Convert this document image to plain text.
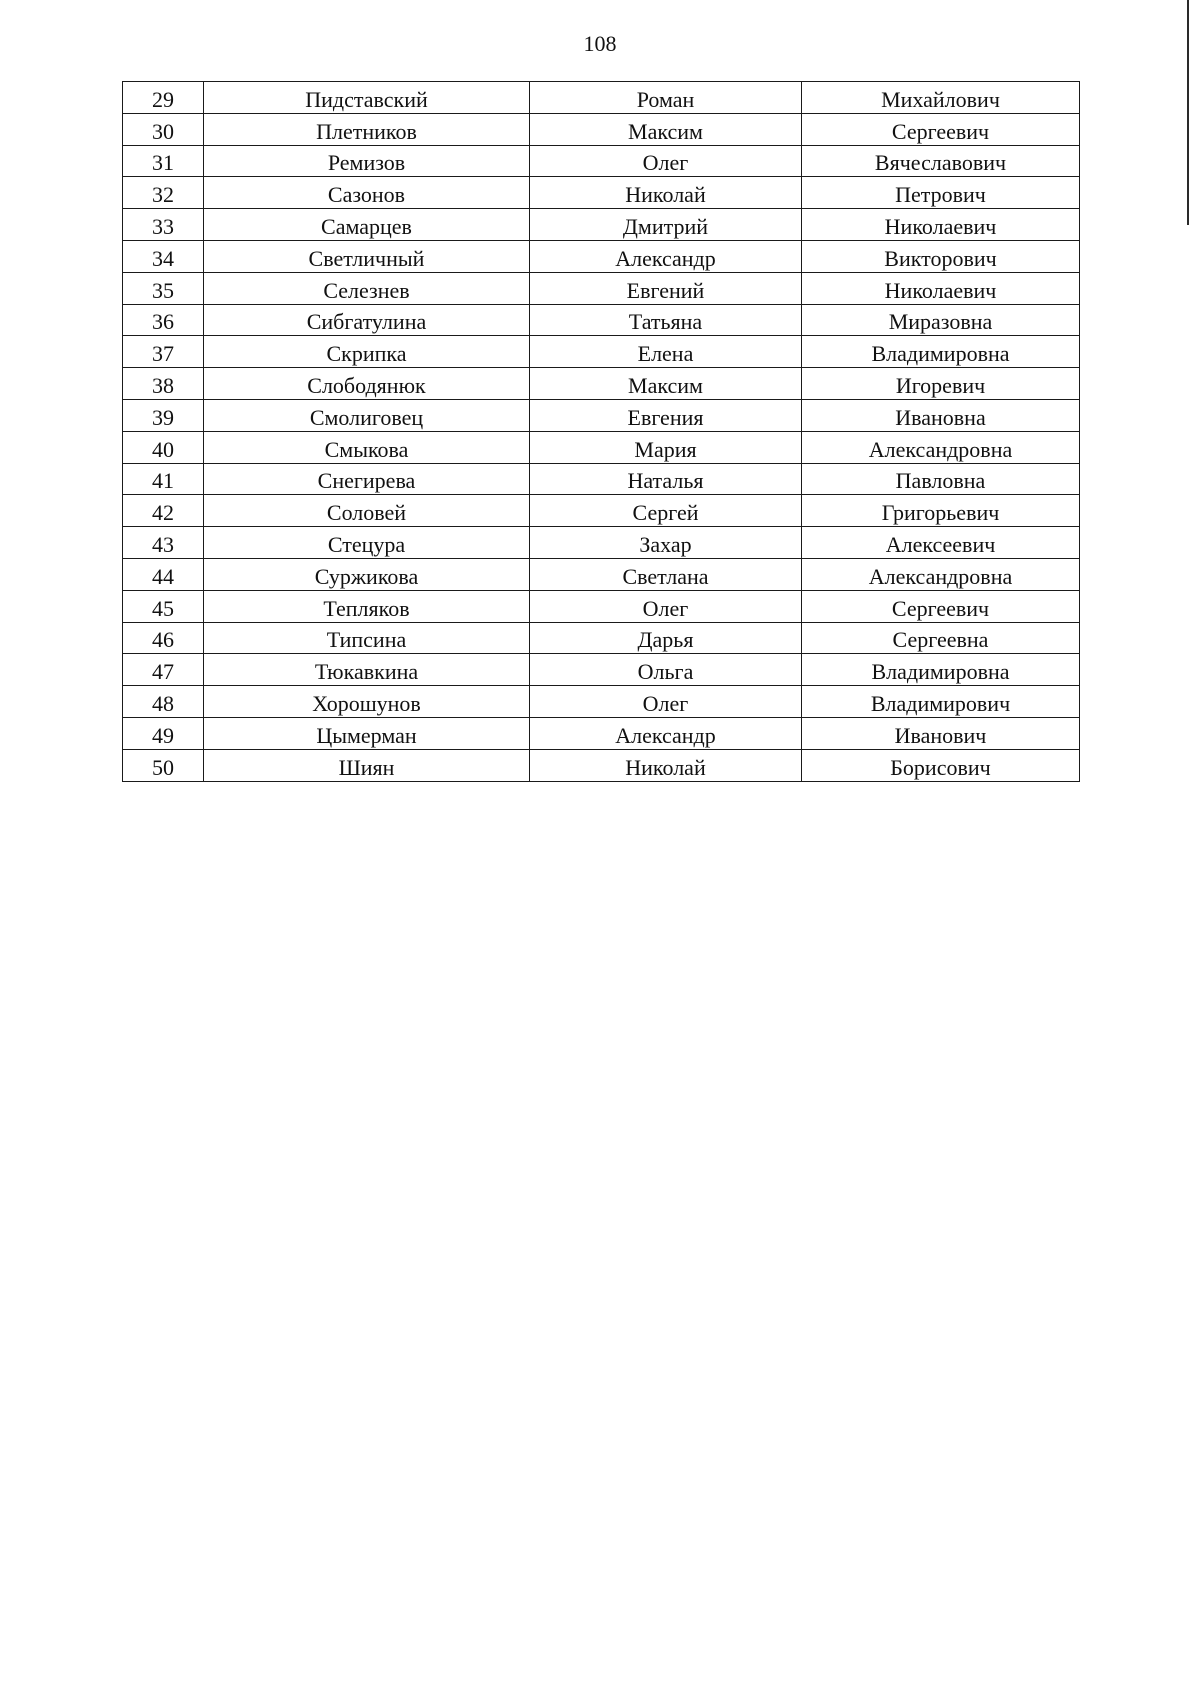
108
29	Пидставский	Роман	Михайлович
30	Плетников	Максим	Сергеевич
31	Ремизов	Олег	Вячеславович
32	Сазонов	Николай	Петрович
33	Самарцев	Дмитрий	Николаевич
34	Светличный	Александр	Викторович
35	Селезнев	Евгений	Николаевич
36	Сибгатулина	Татьяна	Миразовна
37	Скрипка	Елена	Владимировна
38	Слободянюк	Максим	Игоревич
39	Смолиговец	Евгения	Ивановна
40	Смыкова	Мария	Александровна
41	Снегирева	Наталья	Павловна
42	Соловей	Сергей	Григорьевич
43	Стецура	Захар	Алексеевич
44	Суржикова	Светлана	Александровна
45	Тепляков	Олег	Сергеевич
46	Типсина	Дарья	Сергеевна
47	Тюкавкина	Ольга	Владимировна
48	Хорошунов	Олег	Владимирович
49	Цымерман	Александр	Иванович
50	Шиян	Николай	Борисович
